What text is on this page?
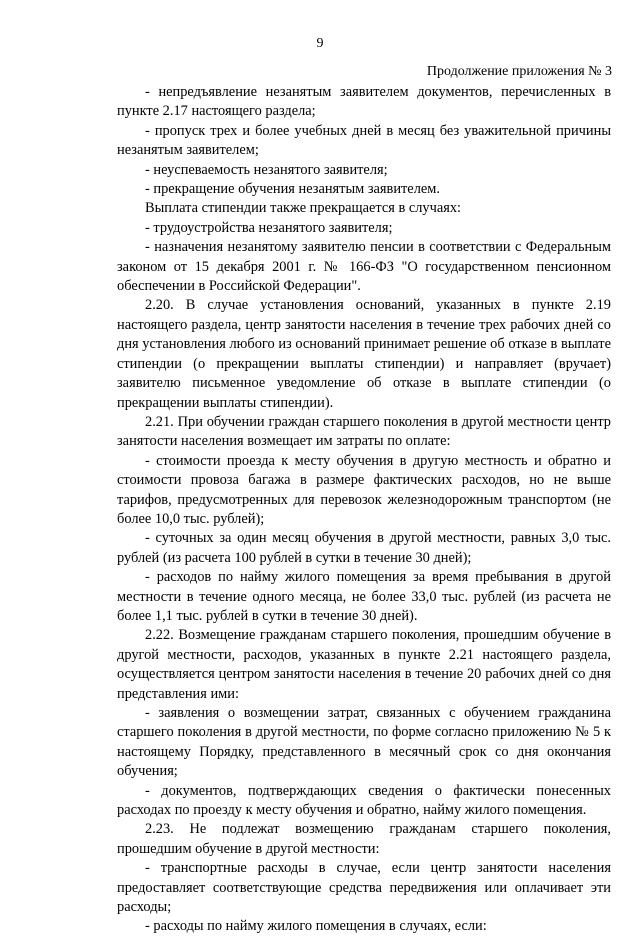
9
Продолжение приложения № 3

- непредъявление незанятым заявителем документов, перечисленных в пункте 2.17 настоящего раздела;

- пропуск трех и более учебных дней в месяц без уважительной причины незанятым заявителем;

- неуспеваемость незанятого заявителя;

- прекращение обучения незанятым заявителем.

Выплата стипендии также прекращается в случаях:

- трудоустройства незанятого заявителя;

- назначения незанятому заявителю пенсии в соответствии с Федеральным законом от 15 декабря 2001 г. № 166-ФЗ "О государственном пенсионном обеспечении в Российской Федерации".

2.20. В случае установления оснований, указанных в пункте 2.19 настоящего раздела, центр занятости населения в течение трех рабочих дней со дня установления любого из оснований принимает решение об отказе в выплате стипендии (о прекращении выплаты стипендии) и направляет (вручает) заявителю письменное уведомление об отказе в выплате стипендии (о прекращении выплаты стипендии).

2.21. При обучении граждан старшего поколения в другой местности центр занятости населения возмещает им затраты по оплате:

- стоимости проезда к месту обучения в другую местность и обратно и стоимости провоза багажа в размере фактических расходов, но не выше тарифов, предусмотренных для перевозок железнодорожным транспортом (не более 10,0 тыс. рублей);

- суточных за один месяц обучения в другой местности, равных 3,0 тыс. рублей (из расчета 100 рублей в сутки в течение 30 дней);

- расходов по найму жилого помещения за время пребывания в другой местности в течение одного месяца, не более 33,0 тыс. рублей (из расчета не более 1,1 тыс. рублей в сутки в течение 30 дней).

2.22. Возмещение гражданам старшего поколения, прошедшим обучение в другой местности, расходов, указанных в пункте 2.21 настоящего раздела, осуществляется центром занятости населения в течение 20 рабочих дней со дня представления ими:

- заявления о возмещении затрат, связанных с обучением гражданина старшего поколения в другой местности, по форме согласно приложению № 5 к настоящему Порядку, представленного в месячный срок со дня окончания обучения;

- документов, подтверждающих сведения о фактически понесенных расходах по проезду к месту обучения и обратно, найму жилого помещения.

2.23. Не подлежат возмещению гражданам старшего поколения, прошедшим обучение в другой местности:

- транспортные расходы в случае, если центр занятости населения предоставляет соответствующие средства передвижения или оплачивает эти расходы;

- расходы по найму жилого помещения в случаях, если:
